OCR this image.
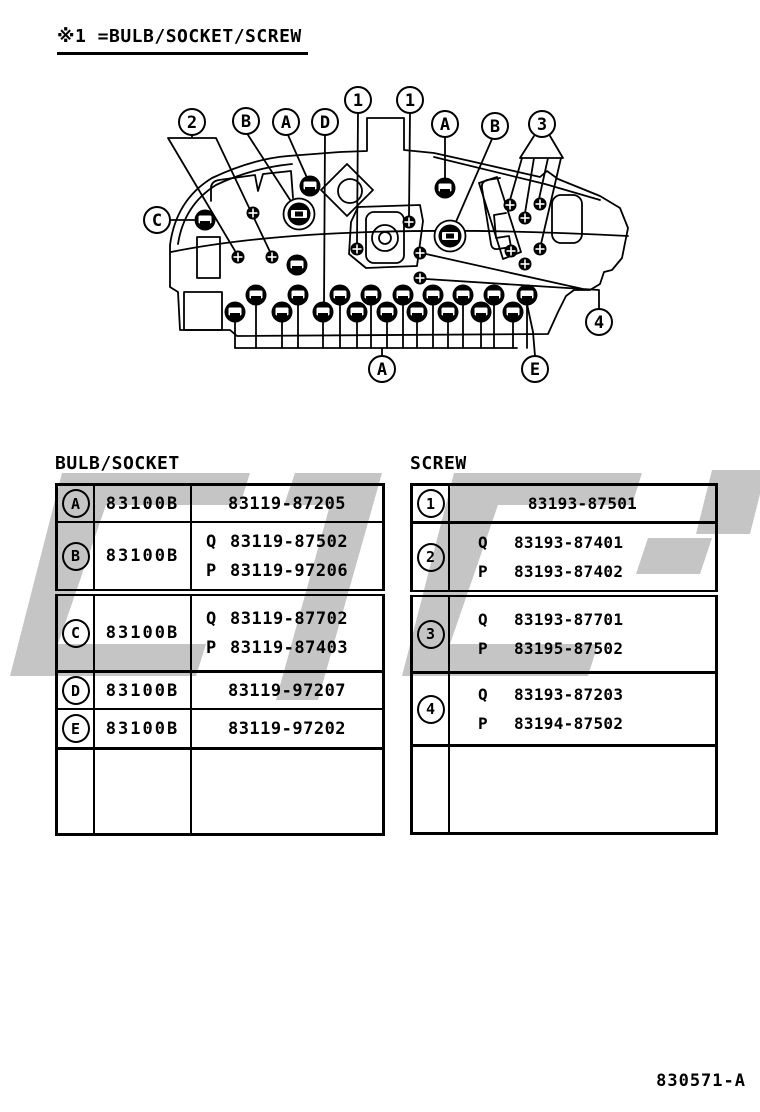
※1 =BULB/SOCKET/SCREW
2	B A D
1 1
A B 3
C
4
A	E
BULB/SOCKET
A	83100B	83119-87205
B	83100B	Q 83119-87502
P 83119-97206

C	83100B	Q 83119-87702
P 83119-87403

D	83100B	83119-97207
E	83100B	83119-97202

SCREW
1	83193-87501
2	Q 83193-87401
P 83193-87402

3	Q 83193-87701
P 83195-87502

4	Q 83193-87203
P 83194-87502

830571-A
